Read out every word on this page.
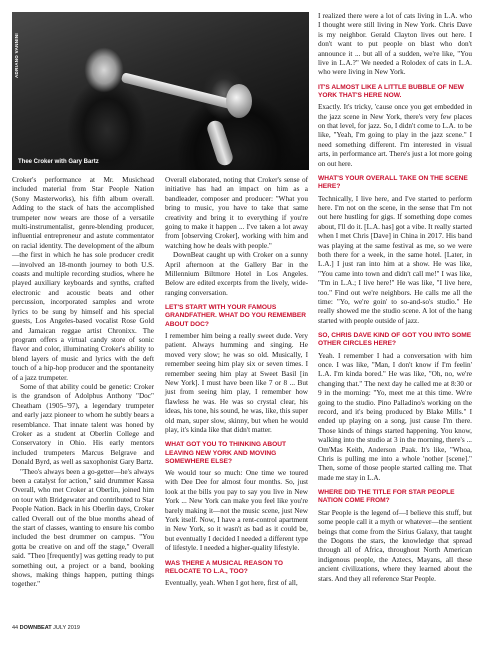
ADRIANO VANNINI
Thee Croker with Gary Bartz

Croker's performance at Mr. Musichead included material from Star People Nation (Sony Masterworks), his fifth album overall. Adding to the stack of hats the accomplished trumpeter now wears are those of a versatile multi-instrumentalist, genre-blending producer, influential entrepreneur and astute commentator on racial identity. The development of the album—the first in which he has sole producer credit—involved an 18-month journey to both U.S. coasts and multiple recording studios, where he played auxiliary keyboards and synths, crafted electronic and acoustic beats and other percussion, incorporated samples and wrote lyrics to be sung by himself and his special guests, Los Angeles-based vocalist Rose Gold and Jamaican reggae artist Chronixx. The program offers a virtual candy store of sonic flavor and color, illuminating Croker's ability to blend layers of music and lyrics with the deft touch of a hip-hop producer and the spontaneity of a jazz trumpeter.

Some of that ability could be genetic: Croker is the grandson of Adolphus Anthony "Doc" Cheatham (1905–'97), a legendary trumpeter and early jazz pioneer to whom he subtly bears a resemblance. That innate talent was honed by Croker as a student at Oberlin College and Conservatory in Ohio. His early mentors included trumpeters Marcus Belgrave and Donald Byrd, as well as saxophonist Gary Bartz.

"Theo's always been a go-getter—he's always been a catalyst for action," said drummer Kassa Overall, who met Croker at Oberlin, joined him on tour with Bridgewater and contributed to Star People Nation. Back in his Oberlin days, Croker called Overall out of the blue months ahead of the start of classes, wanting to ensure his combo included the best drummer on campus. "You gotta be creative on and off the stage," Overall said. "Theo [frequently] was getting ready to put something out, a project or a band, booking shows, making things happen, putting things together."

Overall elaborated, noting that Croker's sense of initiative has had an impact on him as a bandleader, composer and producer: "What you bring to music, you have to take that same creativity and bring it to everything if you're going to make it happen ... I've taken a lot away from [observing Croker], working with him and watching how he deals with people."

DownBeat caught up with Croker on a sunny April afternoon at the Gallery Bar in the Millennium Biltmore Hotel in Los Angeles. Below are edited excerpts from the lively, wide-ranging conversation.

LET'S START WITH YOUR FAMOUS GRANDFATHER. WHAT DO YOU REMEMBER ABOUT DOC?

I remember him being a really sweet dude. Very patient. Always humming and singing. He moved very slow; he was so old. Musically, I remember seeing him play six or seven times. I remember seeing him play at Sweet Basil [in New York]. I must have been like 7 or 8 ... But just from seeing him play, I remember how flawless he was. He was so crystal clear, his ideas, his tone, his sound, he was, like, this super old man, super slow, skinny, but when he would play, it's kinda like that didn't matter.

WHAT GOT YOU TO THINKING ABOUT LEAVING NEW YORK AND MOVING SOMEWHERE ELSE?

We would tour so much: One time we toured with Dee Dee for almost four months. So, just look at the bills you pay to say you live in New York ... New York can make you feel like you're barely making it—not the music scene, just New York itself. Now, I have a rent-control apartment in New York, so it wasn't as bad as it could be, but eventually I decided I needed a different type of lifestyle. I needed a higher-quality lifestyle.

WAS THERE A MUSICAL REASON TO RELOCATE TO L.A., TOO?

Eventually, yeah. When I got here, first of all,

I realized there were a lot of cats living in L.A. who I thought were still living in New York. Chris Dave is my neighbor. Gerald Clayton lives out here. I don't want to put people on blast who don't announce it ... but all of a sudden, we're like, "You live in L.A.?" We needed a Rolodex of cats in L.A. who were living in New York.

IT'S ALMOST LIKE A LITTLE BUBBLE OF NEW YORK THAT'S HERE NOW.

Exactly. It's tricky, 'cause once you get embedded in the jazz scene in New York, there's very few places on that level, for jazz. So, I didn't come to L.A. to be like, "Yeah, I'm going to play in the jazz scene." I need something different. I'm interested in visual arts, in performance art. There's just a lot more going on out here.

WHAT'S YOUR OVERALL TAKE ON THE SCENE HERE?

Technically, I live here, and I've started to perform here. I'm not on the scene, in the sense that I'm not out here hustling for gigs. If something dope comes about, I'll do it. [L.A. has] got a vibe. It really started when I met Chris [Dave] in China in 2017. His band was playing at the same festival as me, so we were both there for a week, in the same hotel. [Later, in L.A.] I just ran into him at a show. He was like, "You came into town and didn't call me!" I was like, "I'm in L.A.; I live here!" He was like, "I live here, too." Find out we're neighbors. He calls me all the time: "Yo, we're goin' to so-and-so's studio." He really showed me the studio scene. A lot of the hang started with people outside of jazz.

SO, CHRIS DAVE KIND OF GOT YOU INTO SOME OTHER CIRCLES HERE?

Yeah. I remember I had a conversation with him once. I was like, "Man, I don't know if I'm feelin' L.A. I'm kinda bored." He was like, "Oh, no, we're changing that." The next day he called me at 8:30 or 9 in the morning: "Yo, meet me at this time. We're going to the studio. Pino Palladino's working on the record, and it's being produced by Blake Mills." I ended up playing on a song, just cause I'm there. Those kinds of things started happening. You know, walking into the studio at 3 in the morning, there's ... Om'Mas Keith, Anderson .Paak. It's like, "Whoa, Chris is pulling me into a whole 'nother [scene]." Then, some of those people started calling me. That made me stay in L.A.

WHERE DID THE TITLE FOR STAR PEOPLE NATION COME FROM?

Star People is the legend of—I believe this stuff, but some people call it a myth or whatever—the sentient beings that come from the Sirius Galaxy, that taught the Dogons the stars, the knowledge that spread through all of Africa, throughout North American indigenous people, the Aztecs, Mayans, all these ancient civilizations, where they learned about the stars. And they all reference Star People.

44 DOWNBEAT JULY 2019
